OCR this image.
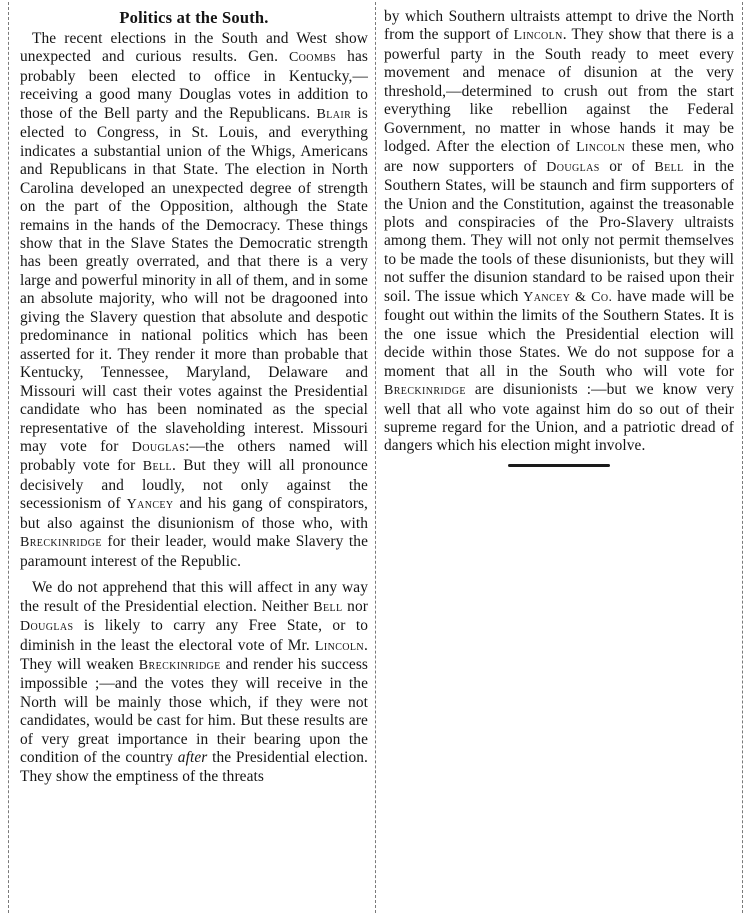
Politics at the South.

The recent elections in the South and West show unexpected and curious results. Gen. Coombs has probably been elected to office in Kentucky,—receiving a good many Douglas votes in addition to those of the Bell party and the Republicans. Blair is elected to Congress, in St. Louis, and everything indicates a substantial union of the Whigs, Americans and Republicans in that State. The election in North Carolina developed an unexpected degree of strength on the part of the Opposition, although the State remains in the hands of the Democracy. These things show that in the Slave States the Democratic strength has been greatly overrated, and that there is a very large and powerful minority in all of them, and in some an absolute majority, who will not be dragooned into giving the Slavery question that absolute and despotic predominance in national politics which has been asserted for it. They render it more than probable that Kentucky, Tennessee, Maryland, Delaware and Missouri will cast their votes against the Presidential candidate who has been nominated as the special representative of the slaveholding interest. Missouri may vote for Douglas:—the others named will probably vote for Bell. But they will all pronounce decisively and loudly, not only against the secessionism of Yancey and his gang of conspirators, but also against the disunionism of those who, with Breckinridge for their leader, would make Slavery the paramount interest of the Republic.

We do not apprehend that this will affect in any way the result of the Presidential election. Neither Bell nor Douglas is likely to carry any Free State, or to diminish in the least the electoral vote of Mr. Lincoln. They will weaken Breckinridge and render his success impossible ;—and the votes they will receive in the North will be mainly those which, if they were not candidates, would be cast for him. But these results are of very great importance in their bearing upon the condition of the country after the Presidential election. They show the emptiness of the threats

by which Southern ultraists attempt to drive the North from the support of Lincoln. They show that there is a powerful party in the South ready to meet every movement and menace of disunion at the very threshold,—determined to crush out from the start everything like rebellion against the Federal Government, no matter in whose hands it may be lodged. After the election of Lincoln these men, who are now supporters of Douglas or of Bell in the Southern States, will be staunch and firm supporters of the Union and the Constitution, against the treasonable plots and conspiracies of the Pro-Slavery ultraists among them. They will not only not permit themselves to be made the tools of these disunionists, but they will not suffer the disunion standard to be raised upon their soil. The issue which Yancey & Co. have made will be fought out within the limits of the Southern States. It is the one issue which the Presidential election will decide within those States. We do not suppose for a moment that all in the South who will vote for Breckinridge are disunionists :—but we know very well that all who vote against him do so out of their supreme regard for the Union, and a patriotic dread of dangers which his election might involve.
